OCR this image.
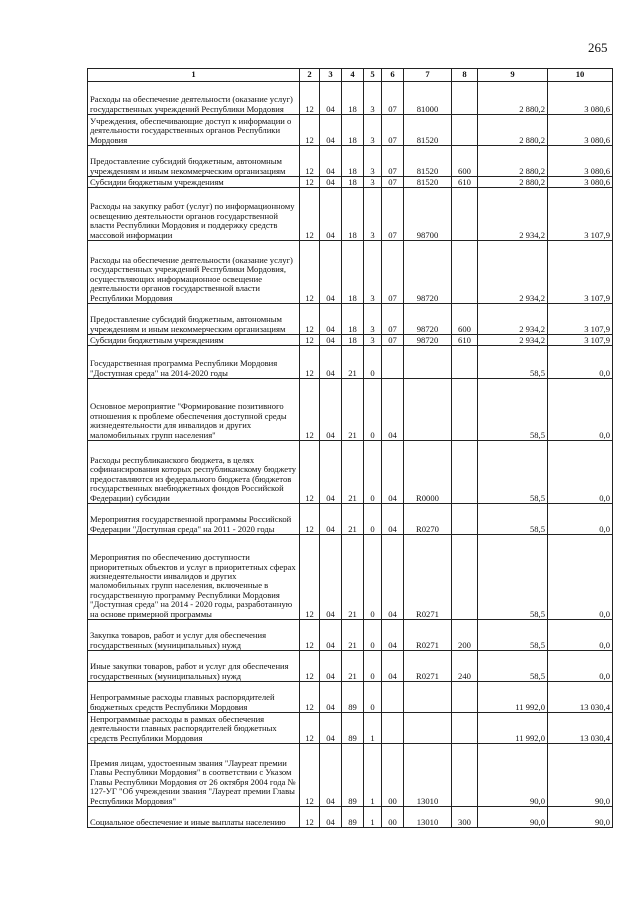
265
1	2	3	4	5	6	7	8	9	10
Расходы на обеспечение деятельности (оказание услуг) государственных учреждений Республики Мордовия	12	04	18	3	07	81000		2 880,2	3 080,6
Учреждения, обеспечивающие доступ к информации о деятельности государственных органов Республики Мордовия	12	04	18	3	07	81520		2 880,2	3 080,6
Предоставление субсидий бюджетным, автономным учреждениям и иным некоммерческим организациям	12	04	18	3	07	81520	600	2 880,2	3 080,6
Субсидии бюджетным учреждениям	12	04	18	3	07	81520	610	2 880,2	3 080,6
Расходы на закупку работ (услуг) по информационному освещению деятельности органов государственной власти Республики Мордовия и поддержку средств массовой информации	12	04	18	3	07	98700		2 934,2	3 107,9
Расходы на обеспечение деятельности (оказание услуг) государственных учреждений Республики Мордовия, осуществляющих информационное освещение деятельности органов государственной власти Республики Мордовия	12	04	18	3	07	98720		2 934,2	3 107,9
Предоставление субсидий бюджетным, автономным учреждениям и иным некоммерческим организациям	12	04	18	3	07	98720	600	2 934,2	3 107,9
Субсидии бюджетным учреждениям	12	04	18	3	07	98720	610	2 934,2	3 107,9
Государственная программа Республики Мордовия "Доступная среда" на 2014-2020 годы	12	04	21	0				58,5	0,0
Основное мероприятие "Формирование позитивного отношения к проблеме обеспечения доступной среды жизнедеятельности для инвалидов и других маломобильных групп населения"	12	04	21	0	04			58,5	0,0
Расходы республиканского бюджета, в целях софинансирования которых республиканскому бюджету предоставляются из федерального бюджета (бюджетов государственных внебюджетных фондов Российской Федерации) субсидии	12	04	21	0	04	R0000		58,5	0,0
Мероприятия государственной программы Российской Федерации "Доступная среда" на 2011 - 2020 годы	12	04	21	0	04	R0270		58,5	0,0
Мероприятия по обеспечению доступности приоритетных объектов и услуг в приоритетных сферах жизнедеятельности инвалидов и других маломобильных групп населения, включенные в государственную программу Республики Мордовия "Доступная среда" на 2014 - 2020 годы, разработанную на основе примерной программы	12	04	21	0	04	R0271		58,5	0,0
Закупка товаров, работ и услуг для обеспечения государственных (муниципальных) нужд	12	04	21	0	04	R0271	200	58,5	0,0
Иные закупки товаров, работ и услуг для обеспечения государственных (муниципальных) нужд	12	04	21	0	04	R0271	240	58,5	0,0
Непрограммные расходы главных распорядителей бюджетных средств Республики Мордовия	12	04	89	0				11 992,0	13 030,4
Непрограммные расходы в рамках обеспечения деятельности главных распорядителей бюджетных средств Республики Мордовия	12	04	89	1				11 992,0	13 030,4
Премия лицам, удостоенным звания "Лауреат премии Главы Республики Мордовия" в соответствии с Указом Главы Республики Мордовия от 26 октября 2004 года № 127-УГ "Об учреждении звания "Лауреат премии Главы Республики Мордовия"	12	04	89	1	00	13010		90,0	90,0
Социальное обеспечение и иные выплаты населению	12	04	89	1	00	13010	300	90,0	90,0
